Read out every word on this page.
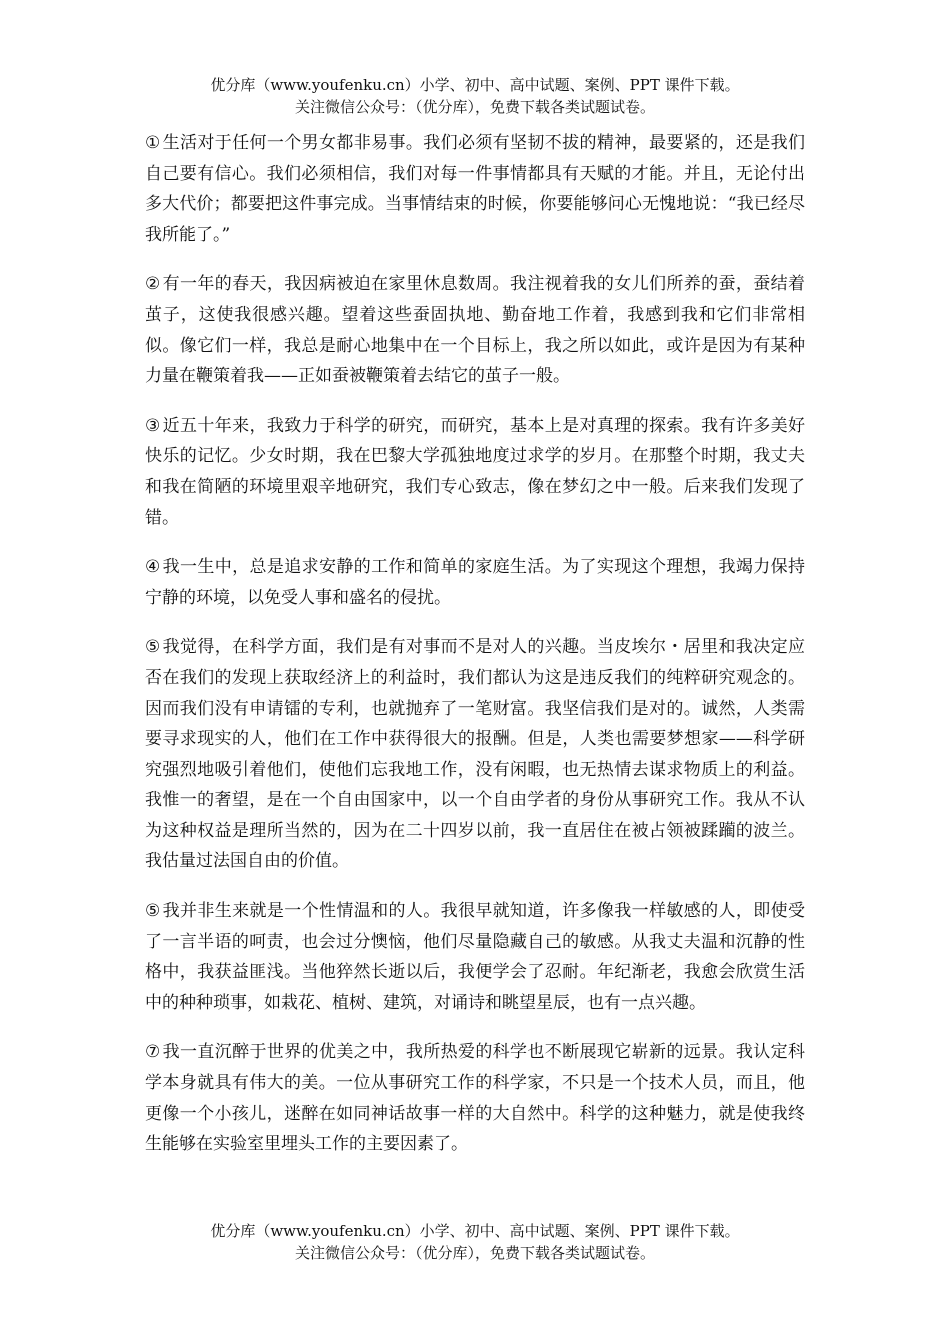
优分库（www.youfenku.cn）小学、初中、高中试题、案例、PPT 课件下载。
关注微信公众号：（优分库），免费下载各类试题试卷。

① 生活对于任何一个男女都非易事。我们必须有坚韧不拔的精神，最要紧的，还是我们自己要有信心。我们必须相信，我们对每一件事情都具有天赋的才能。并且，无论付出多大代价；都要把这件事完成。当事情结束的时候，你要能够问心无愧地说：“我已经尽我所能了。”

② 有一年的春天，我因病被迫在家里休息数周。我注视着我的女儿们所养的蚕，蚕结着茧子，这使我很感兴趣。望着这些蚕固执地、勤奋地工作着，我感到我和它们非常相似。像它们一样，我总是耐心地集中在一个目标上，我之所以如此，或许是因为有某种力量在鞭策着我——正如蚕被鞭策着去结它的茧子一般。

③ 近五十年来，我致力于科学的研究，而研究，基本上是对真理的探索。我有许多美好快乐的记忆。少女时期，我在巴黎大学孤独地度过求学的岁月。在那整个时期，我丈夫和我在简陋的环境里艰辛地研究，我们专心致志，像在梦幻之中一般。后来我们发现了错。

④ 我一生中，总是追求安静的工作和简单的家庭生活。为了实现这个理想，我竭力保持宁静的环境，以免受人事和盛名的侵扰。

⑤ 我觉得，在科学方面，我们是有对事而不是对人的兴趣。当皮埃尔・居里和我决定应否在我们的发现上获取经济上的利益时，我们都认为这是违反我们的纯粹研究观念的。因而我们没有申请镭的专利，也就抛弃了一笔财富。我坚信我们是对的。诚然，人类需要寻求现实的人，他们在工作中获得很大的报酬。但是，人类也需要梦想家——科学研究强烈地吸引着他们，使他们忘我地工作，没有闲暇，也无热情去谋求物质上的利益。我惟一的奢望，是在一个自由国家中，以一个自由学者的身份从事研究工作。我从不认为这种权益是理所当然的，因为在二十四岁以前，我一直居住在被占领被蹂躏的波兰。我估量过法国自由的价值。

⑤ 我并非生来就是一个性情温和的人。我很早就知道，许多像我一样敏感的人，即使受了一言半语的呵责，也会过分懊恼，他们尽量隐藏自己的敏感。从我丈夫温和沉静的性格中，我获益匪浅。当他猝然长逝以后，我便学会了忍耐。年纪渐老，我愈会欣赏生活中的种种琐事，如栽花、植树、建筑，对诵诗和眺望星辰，也有一点兴趣。

⑦ 我一直沉醉于世界的优美之中，我所热爱的科学也不断展现它崭新的远景。我认定科学本身就具有伟大的美。一位从事研究工作的科学家，不只是一个技术人员，而且，他更像一个小孩儿，迷醉在如同神话故事一样的大自然中。科学的这种魅力，就是使我终生能够在实验室里埋头工作的主要因素了。

优分库（www.youfenku.cn）小学、初中、高中试题、案例、PPT 课件下载。
关注微信公众号：（优分库），免费下载各类试题试卷。
